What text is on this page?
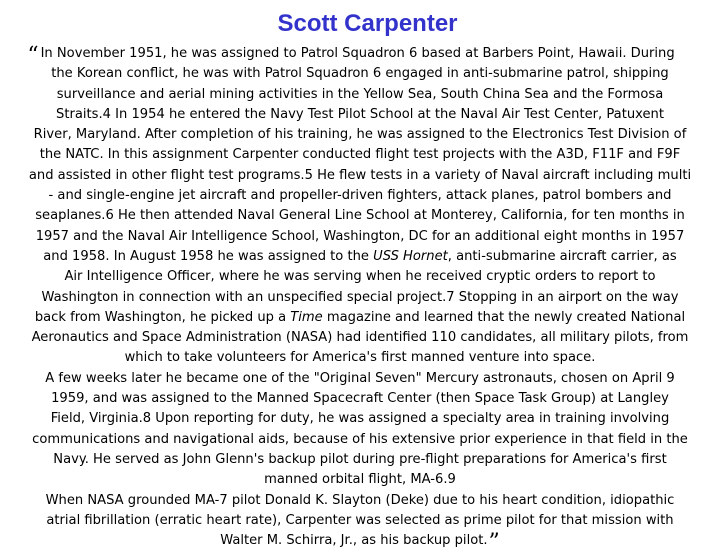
Scott Carpenter
“ In November 1951, he was assigned to Patrol Squadron 6 based at Barbers Point, Hawaii. During
the Korean conflict, he was with Patrol Squadron 6 engaged in anti-submarine patrol, shipping
surveillance and aerial mining activities in the Yellow Sea, South China Sea and the Formosa
Straits.4 In 1954 he entered the Navy Test Pilot School at the Naval Air Test Center, Patuxent
River, Maryland. After completion of his training, he was assigned to the Electronics Test Division of
the NATC. In this assignment Carpenter conducted flight test projects with the A3D, F11F and F9F
and assisted in other flight test programs.5 He flew tests in a variety of Naval aircraft including multi
- and single-engine jet aircraft and propeller-driven fighters, attack planes, patrol bombers and
seaplanes.6 He then attended Naval General Line School at Monterey, California, for ten months in
1957 and the Naval Air Intelligence School, Washington, DC for an additional eight months in 1957
and 1958. In August 1958 he was assigned to the USS Hornet, anti-submarine aircraft carrier, as
Air Intelligence Officer, where he was serving when he received cryptic orders to report to
Washington in connection with an unspecified special project.7 Stopping in an airport on the way
back from Washington, he picked up a Time magazine and learned that the newly created National
Aeronautics and Space Administration (NASA) had identified 110 candidates, all military pilots, from
which to take volunteers for America's first manned venture into space.
A few weeks later he became one of the "Original Seven" Mercury astronauts, chosen on April 9
1959, and was assigned to the Manned Spacecraft Center (then Space Task Group) at Langley
Field, Virginia.8 Upon reporting for duty, he was assigned a specialty area in training involving
communications and navigational aids, because of his extensive prior experience in that field in the
Navy. He served as John Glenn's backup pilot during pre-flight preparations for America's first
manned orbital flight, MA-6.9
When NASA grounded MA-7 pilot Donald K. Slayton (Deke) due to his heart condition, idiopathic
atrial fibrillation (erratic heart rate), Carpenter was selected as prime pilot for that mission with
Walter M. Schirra, Jr., as his backup pilot.”
